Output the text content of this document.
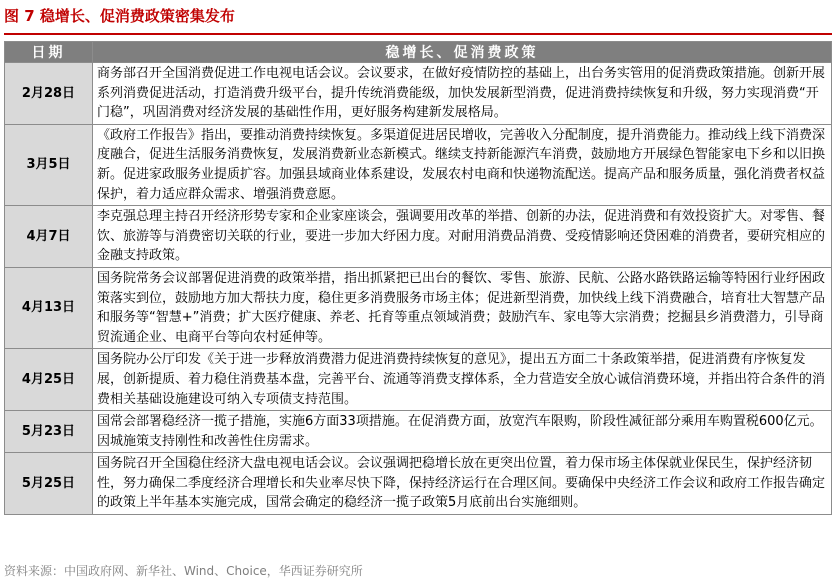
图 7 稳增长、促消费政策密集发布
日期	稳增长、促消费政策
2月28日	商务部召开全国消费促进工作电视电话会议。会议要求，在做好疫情防控的基础上，出台务实管用的促消费政策措施。创新开展系列消费促进活动，打造消费升级平台，提升传统消费能级，加快发展新型消费，促进消费持续恢复和升级，努力实现消费“开门稳”，巩固消费对经济发展的基础性作用，更好服务构建新发展格局。
3月5日	《政府工作报告》指出，要推动消费持续恢复。多渠道促进居民增收，完善收入分配制度，提升消费能力。推动线上线下消费深度融合，促进生活服务消费恢复，发展消费新业态新模式。继续支持新能源汽车消费，鼓励地方开展绿色智能家电下乡和以旧换新。促进家政服务业提质扩容。加强县域商业体系建设，发展农村电商和快递物流配送。提高产品和服务质量，强化消费者权益保护，着力适应群众需求、增强消费意愿。
4月7日	李克强总理主持召开经济形势专家和企业家座谈会，强调要用改革的举措、创新的办法，促进消费和有效投资扩大。对零售、餐饮、旅游等与消费密切关联的行业，要进一步加大纾困力度。对耐用消费品消费、受疫情影响还贷困难的消费者，要研究相应的金融支持政策。
4月13日	国务院常务会议部署促进消费的政策举措，指出抓紧把已出台的餐饮、零售、旅游、民航、公路水路铁路运输等特困行业纾困政策落实到位，鼓励地方加大帮扶力度，稳住更多消费服务市场主体；促进新型消费，加快线上线下消费融合，培育壮大智慧产品和服务等“智慧+”消费；扩大医疗健康、养老、托育等重点领域消费；鼓励汽车、家电等大宗消费；挖掘县乡消费潜力，引导商贸流通企业、电商平台等向农村延伸等。
4月25日	国务院办公厅印发《关于进一步释放消费潜力促进消费持续恢复的意见》，提出五方面二十条政策举措，促进消费有序恢复发展，创新提质、着力稳住消费基本盘，完善平台、流通等消费支撑体系，全力营造安全放心诚信消费环境，并指出符合条件的消费相关基础设施建设可纳入专项债支持范围。
5月23日	国常会部署稳经济一揽子措施，实施6方面33项措施。在促消费方面，放宽汽车限购，阶段性减征部分乘用车购置税600亿元。因城施策支持刚性和改善性住房需求。
5月25日	国务院召开全国稳住经济大盘电视电话会议。会议强调把稳增长放在更突出位置，着力保市场主体保就业保民生，保护经济韧性，努力确保二季度经济合理增长和失业率尽快下降，保持经济运行在合理区间。要确保中央经济工作会议和政府工作报告确定的政策上半年基本实施完成，国常会确定的稳经济一揽子政策5月底前出台实施细则。
资料来源：中国政府网、新华社、Wind、Choice，华西证券研究所
